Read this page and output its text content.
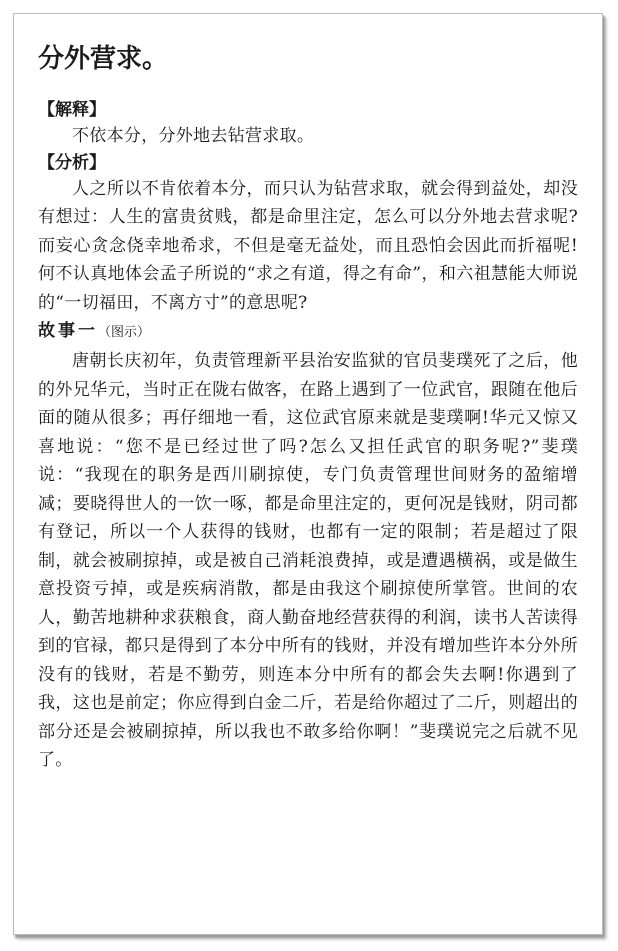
分外营求。

【解释】

不依本分，分外地去钻营求取。

【分析】

人之所以不肯依着本分，而只认为钻营求取，就会得到益处，却没有想过：人生的富贵贫贱，都是命里注定，怎么可以分外地去营求呢?而妄心贪念侥幸地希求，不但是毫无益处，而且恐怕会因此而折福呢!何不认真地体会孟子所说的“求之有道，得之有命”，和六祖慧能大师说的“一切福田，不离方寸”的意思呢?

故事一（图示）

唐朝长庆初年，负责管理新平县治安监狱的官员斐璞死了之后，他的外兄华元，当时正在陇右做客，在路上遇到了一位武官，跟随在他后面的随从很多；再仔细地一看，这位武官原来就是斐璞啊!华元又惊又喜地说：“您不是已经过世了吗?怎么又担任武官的职务呢?”斐璞说：“我现在的职务是西川刷掠使，专门负责管理世间财务的盈缩增减；要晓得世人的一饮一啄，都是命里注定的，更何况是钱财，阴司都有登记，所以一个人获得的钱财，也都有一定的限制；若是超过了限制，就会被刷掠掉，或是被自己消耗浪费掉，或是遭遇横祸，或是做生意投资亏掉，或是疾病消散，都是由我这个刷掠使所掌管。世间的农人，勤苦地耕种求获粮食，商人勤奋地经营获得的利润，读书人苦读得到的官禄，都只是得到了本分中所有的钱财，并没有增加些许本分外所没有的钱财，若是不勤劳，则连本分中所有的都会失去啊!你遇到了我，这也是前定；你应得到白金二斤，若是给你超过了二斤，则超出的部分还是会被刷掠掉，所以我也不敢多给你啊！”斐璞说完之后就不见了。
